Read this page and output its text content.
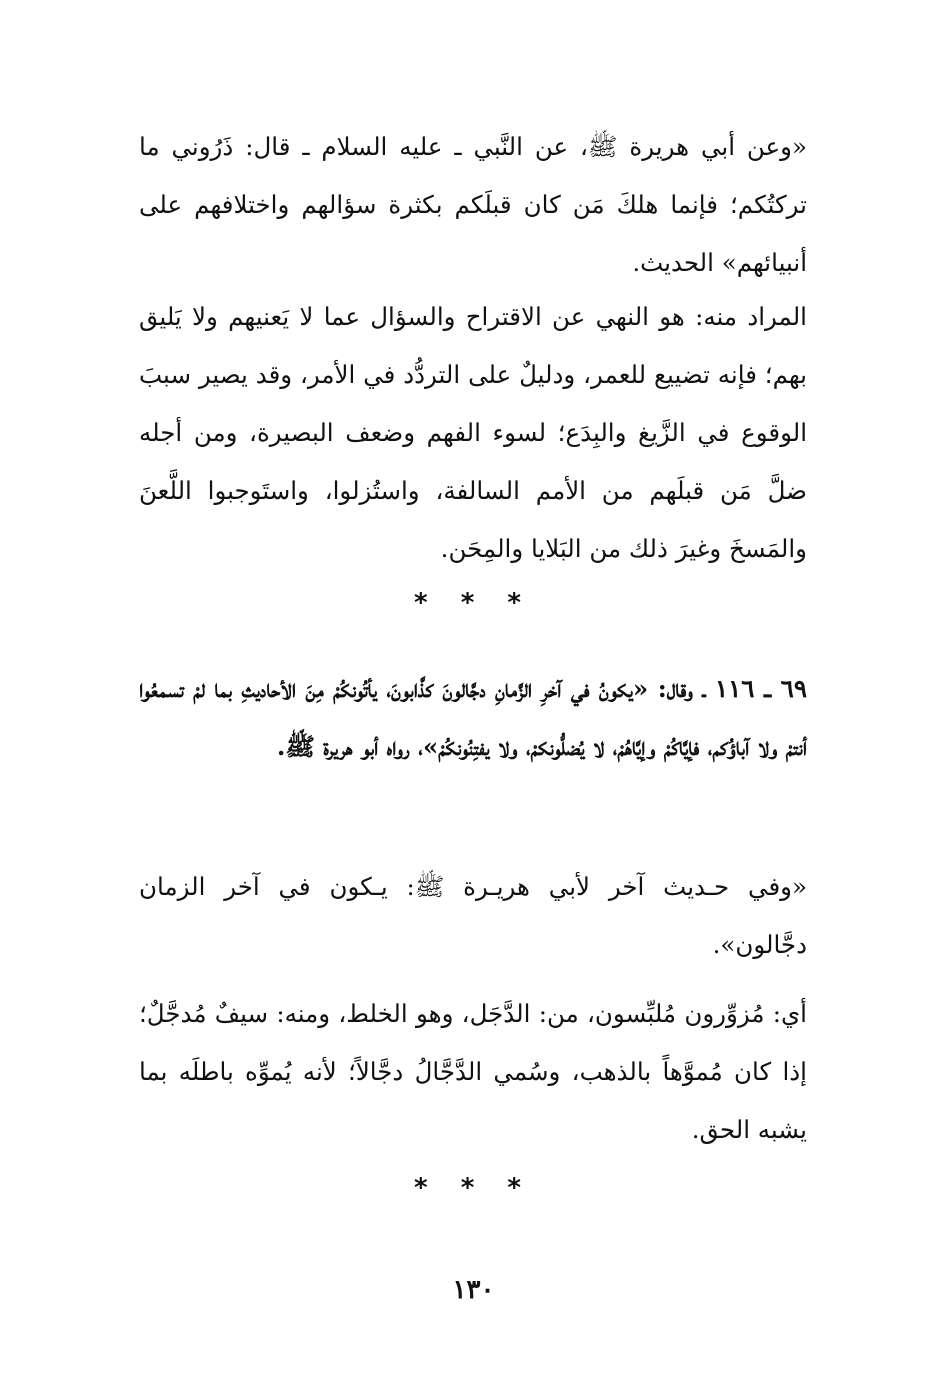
«وعن أبي هريرة ﷺ، عن النَّبي ـ عليه السلام ـ قال: ذَرُوني ما تركتُكم؛ فإنما هلكَ مَن كان قبلَكم بكثرة سؤالهم واختلافهم على أنبيائهم» الحديث.

المراد منه: هو النهي عن الاقتراح والسؤال عما لا يَعنيهم ولا يَليق بهم؛ فإنه تضييع للعمر، ودليلٌ على التردُّد في الأمر، وقد يصير سببَ الوقوع في الزَّيغ والبِدَع؛ لسوء الفهم وضعف البصيرة، ومن أجله ضلَّ مَن قبلَهم من الأمم السالفة، واستُزلوا، واستَوجبوا اللَّعنَ والمَسخَ وغيرَ ذلك من البَلايا والمِحَن.

* * *

٦٩ ـ ١١٦ ـ وقال: «يكونُ في آخرِ الزَّمانِ دجَّالونَ كذَّابونَ، يأتُونكُمْ مِنَ الأحاديثِ بما لمْ تسمعُوا أنتمْ ولا آباؤُكم، فإيَّاكُمْ وإيَّاهُمْ، لا يُضلُّونكمْ، ولا يفتِنُونكُمْ»، رواه أبو هريرة ﷺ.

«وفي حـديث آخر لأبي هريـرة ﷺ: يـكون في آخر الزمان دجَّالون».

أي: مُزوِّرون مُلبِّسون، من: الدَّجَل، وهو الخلط، ومنه: سيفٌ مُدجَّلٌ؛ إذا كان مُموَّهاً بالذهب، وسُمي الدَّجَّالُ دجَّالاً؛ لأنه يُموِّه باطلَه بما يشبه الحق.

* * *
١٣٠
